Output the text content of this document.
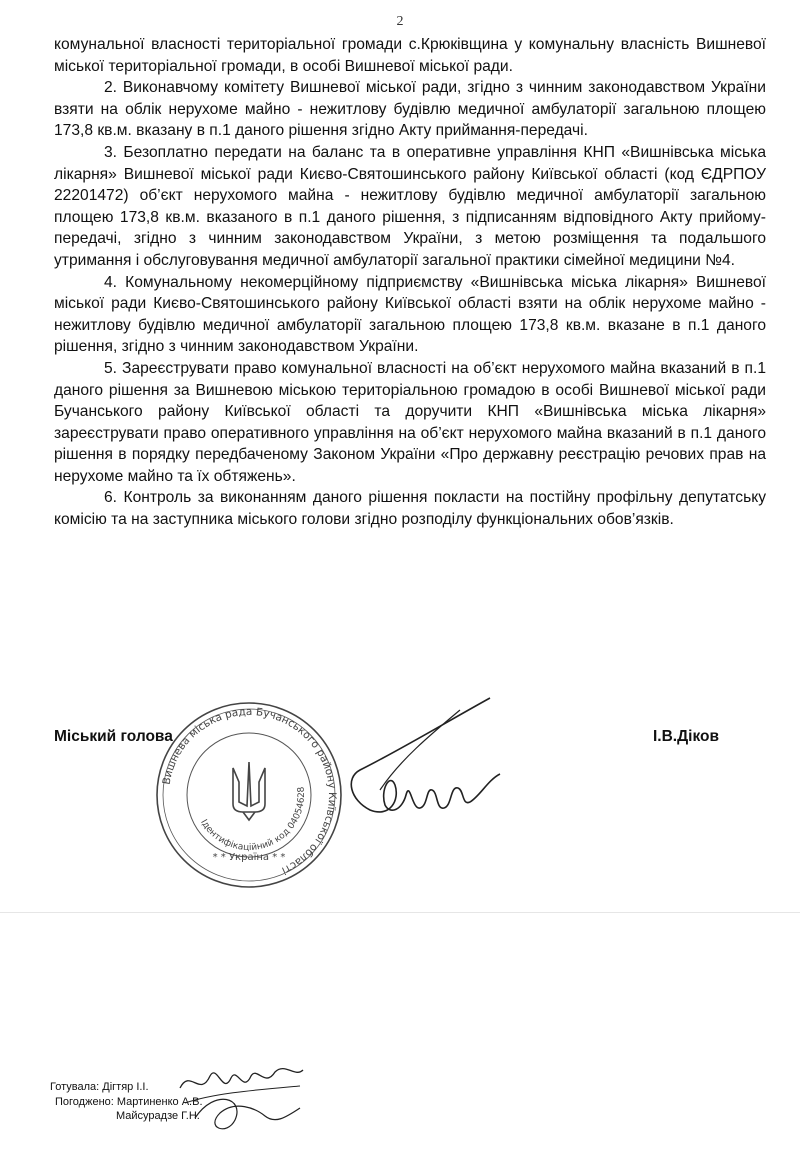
2

комунальної власності територіальної громади с.Крюківщина у комунальну власність Вишневої міської територіальної громади, в особі Вишневої міської ради.

2. Виконавчому комітету Вишневої міської ради, згідно з чинним законодавством України взяти на облік нерухоме майно - нежитлову будівлю медичної амбулаторії загальною площею 173,8 кв.м. вказану в п.1 даного рішення згідно Акту приймання-передачі.

3. Безоплатно передати на баланс та в оперативне управління КНП «Вишнівська міська лікарня» Вишневої міської ради Києво-Святошинського району Київської області (код ЄДРПОУ 22201472) об’єкт нерухомого майна - нежитлову будівлю медичної амбулаторії загальною площею 173,8 кв.м. вказаного в п.1 даного рішення, з підписанням відповідного Акту прийому-передачі, згідно з чинним законодавством України, з метою розміщення та подальшого утримання і обслуговування медичної амбулаторії загальної практики сімейної медицини №4.

4. Комунальному некомерційному підприємству «Вишнівська міська лікарня» Вишневої міської ради Києво-Святошинського району Київської області взяти на облік нерухоме майно - нежитлову будівлю медичної амбулаторії загальною площею 173,8 кв.м. вказане в п.1 даного рішення, згідно з чинним законодавством України.

5. Зареєструвати право комунальної власності на об’єкт нерухомого майна вказаний в п.1 даного рішення за Вишневою міською територіальною громадою в особі Вишневої міської ради Бучанського району Київської області та доручити КНП «Вишнівська міська лікарня» зареєструвати право оперативного управління на об’єкт нерухомого майна вказаний в п.1 даного рішення в порядку передбаченому Законом України «Про державну реєстрацію речових прав на нерухоме майно та їх обтяжень».

6. Контроль за виконанням даного рішення покласти на постійну профільну депутатську комісію та на заступника міського голови згідно розподілу функціональних обов’язків.

Міський голова	І.В.Діков
Вишнева міська рада Бучанського району Київської області
Ідентифікаційний код 04054628
* * Україна * *
Готувала: Дігтяр І.І.
Погоджено: Мартиненко А.В.
Майсурадзе Г.Н.
